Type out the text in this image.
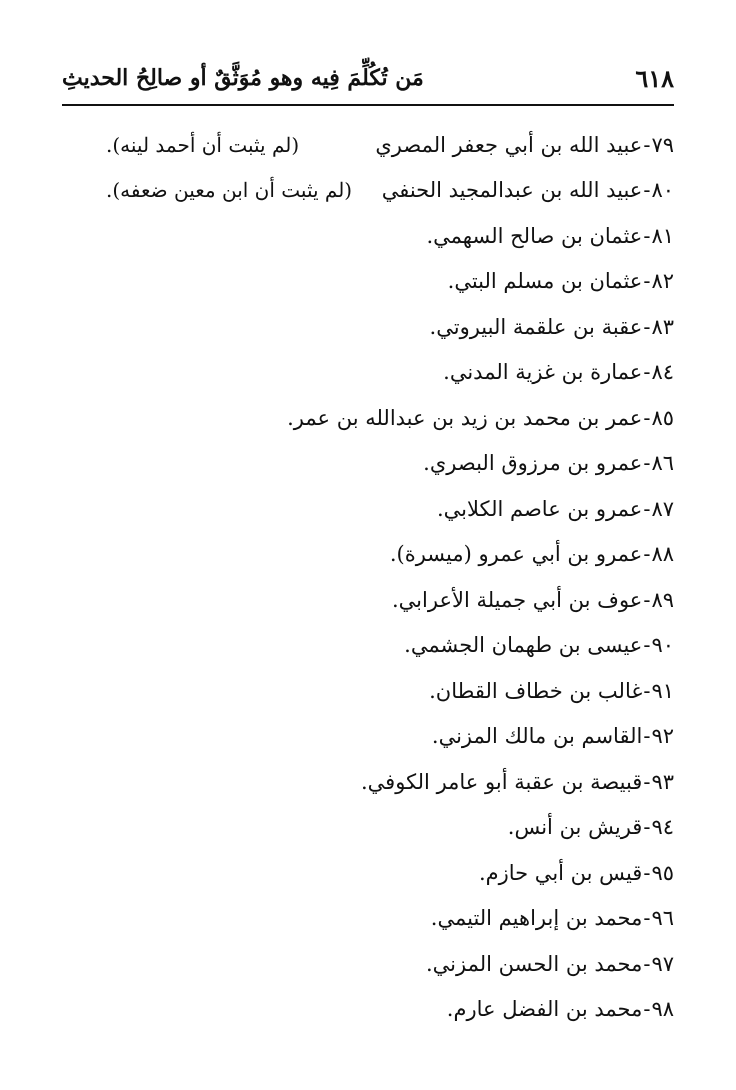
٦١٨
مَن تُكُلِّمَ فِيه وهو مُوَثَّقٌ أو صالِحُ الحديثِ
٧٩
-
عبيد الله بن أبي جعفر المصري
(لم يثبت أن أحمد لينه).
٨٠
-
عبيد الله بن عبدالمجيد الحنفي
(لم يثبت أن ابن معين ضعفه).
٨١
-
عثمان بن صالح السهمي.
٨٢
-
عثمان بن مسلم البتي.
٨٣
-
عقبة بن علقمة البيروتي.
٨٤
-
عمارة بن غزية المدني.
٨٥
-
عمر بن محمد بن زيد بن عبدالله بن عمر.
٨٦
-
عمرو بن مرزوق البصري.
٨٧
-
عمرو بن عاصم الكلابي.
٨٨
-
عمرو بن أبي عمرو (ميسرة).
٨٩
-
عوف بن أبي جميلة الأعرابي.
٩٠
-
عيسى بن طهمان الجشمي.
٩١
-
غالب بن خطاف القطان.
٩٢
-
القاسم بن مالك المزني.
٩٣
-
قبيصة بن عقبة أبو عامر الكوفي.
٩٤
-
قريش بن أنس.
٩٥
-
قيس بن أبي حازم.
٩٦
-
محمد بن إبراهيم التيمي.
٩٧
-
محمد بن الحسن المزني.
٩٨
-
محمد بن الفضل عارم.
